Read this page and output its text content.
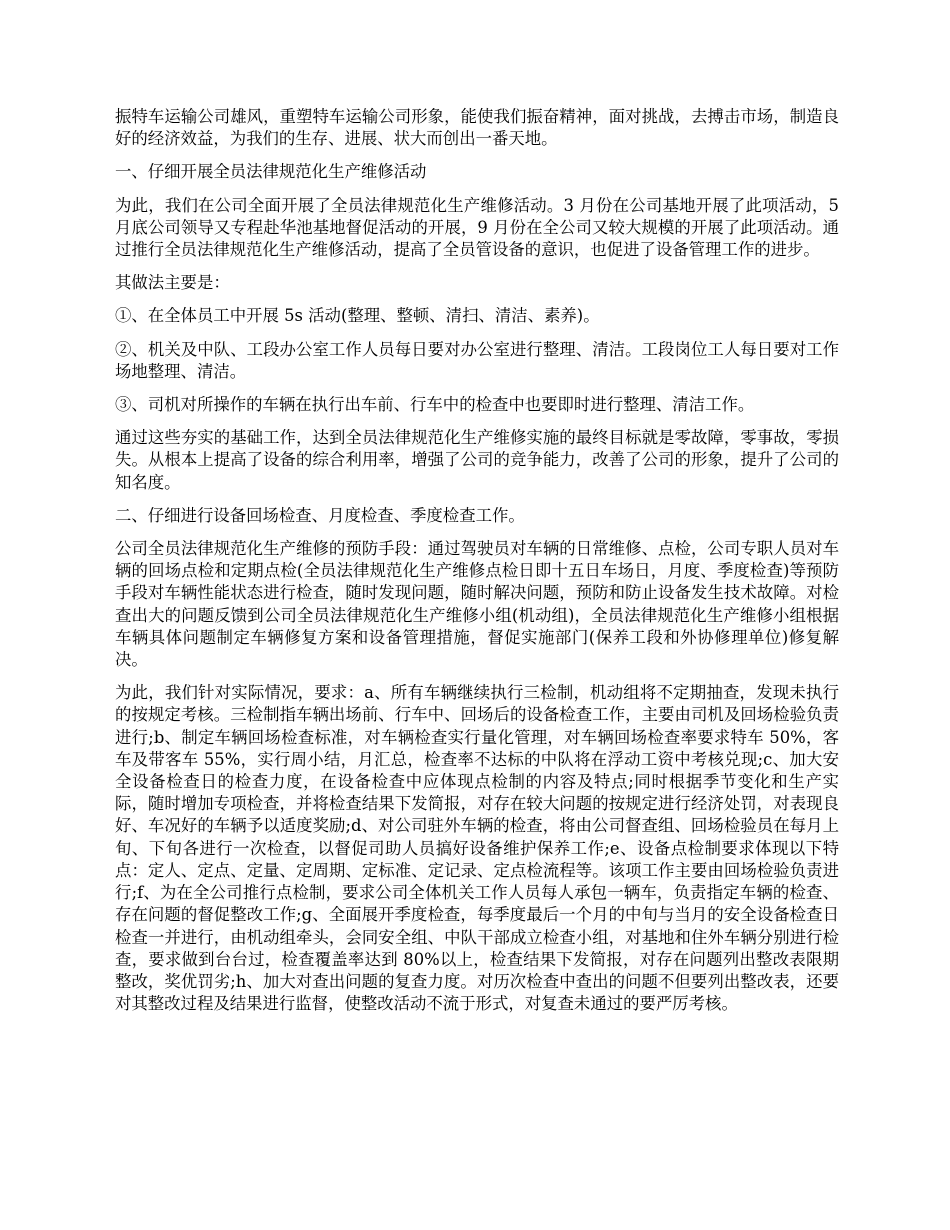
振特车运输公司雄风，重塑特车运输公司形象，能使我们振奋精神，面对挑战，去搏击市场，制造良好的经济效益，为我们的生存、进展、状大而创出一番天地。

一、仔细开展全员法律规范化生产维修活动

为此，我们在公司全面开展了全员法律规范化生产维修活动。3 月份在公司基地开展了此项活动，5 月底公司领导又专程赴华池基地督促活动的开展，9 月份在全公司又较大规模的开展了此项活动。通过推行全员法律规范化生产维修活动，提高了全员管设备的意识，也促进了设备管理工作的进步。

其做法主要是：

①、在全体员工中开展 5s 活动(整理、整顿、清扫、清洁、素养)。

②、机关及中队、工段办公室工作人员每日要对办公室进行整理、清洁。工段岗位工人每日要对工作场地整理、清洁。

③、司机对所操作的车辆在执行出车前、行车中的检查中也要即时进行整理、清洁工作。

通过这些夯实的基础工作，达到全员法律规范化生产维修实施的最终目标就是零故障，零事故，零损失。从根本上提高了设备的综合利用率，增强了公司的竞争能力，改善了公司的形象，提升了公司的知名度。

二、仔细进行设备回场检查、月度检查、季度检查工作。

公司全员法律规范化生产维修的预防手段：通过驾驶员对车辆的日常维修、点检，公司专职人员对车辆的回场点检和定期点检(全员法律规范化生产维修点检日即十五日车场日，月度、季度检查)等预防手段对车辆性能状态进行检查，随时发现问题，随时解决问题，预防和防止设备发生技术故障。对检查出大的问题反馈到公司全员法律规范化生产维修小组(机动组)，全员法律规范化生产维修小组根据车辆具体问题制定车辆修复方案和设备管理措施，督促实施部门(保养工段和外协修理单位)修复解决。

为此，我们针对实际情况，要求：a、所有车辆继续执行三检制，机动组将不定期抽查，发现未执行的按规定考核。三检制指车辆出场前、行车中、回场后的设备检查工作，主要由司机及回场检验负责进行;b、制定车辆回场检查标准，对车辆检查实行量化管理，对车辆回场检查率要求特车 50%，客车及带客车 55%，实行周小结，月汇总，检查率不达标的中队将在浮动工资中考核兑现;c、加大安全设备检查日的检查力度，在设备检查中应体现点检制的内容及特点;同时根据季节变化和生产实际，随时增加专项检查，并将检查结果下发简报，对存在较大问题的按规定进行经济处罚，对表现良好、车况好的车辆予以适度奖励;d、对公司驻外车辆的检查，将由公司督查组、回场检验员在每月上旬、下旬各进行一次检查，以督促司助人员搞好设备维护保养工作;e、设备点检制要求体现以下特点：定人、定点、定量、定周期、定标准、定记录、定点检流程等。该项工作主要由回场检验负责进行;f、为在全公司推行点检制，要求公司全体机关工作人员每人承包一辆车，负责指定车辆的检查、存在问题的督促整改工作;g、全面展开季度检查，每季度最后一个月的中旬与当月的安全设备检查日检查一并进行，由机动组牵头，会同安全组、中队干部成立检查小组，对基地和住外车辆分别进行检查，要求做到台台过，检查覆盖率达到 80%以上，检查结果下发简报，对存在问题列出整改表限期整改，奖优罚劣;h、加大对查出问题的复查力度。对历次检查中查出的问题不但要列出整改表，还要对其整改过程及结果进行监督，使整改活动不流于形式，对复查未通过的要严厉考核。
